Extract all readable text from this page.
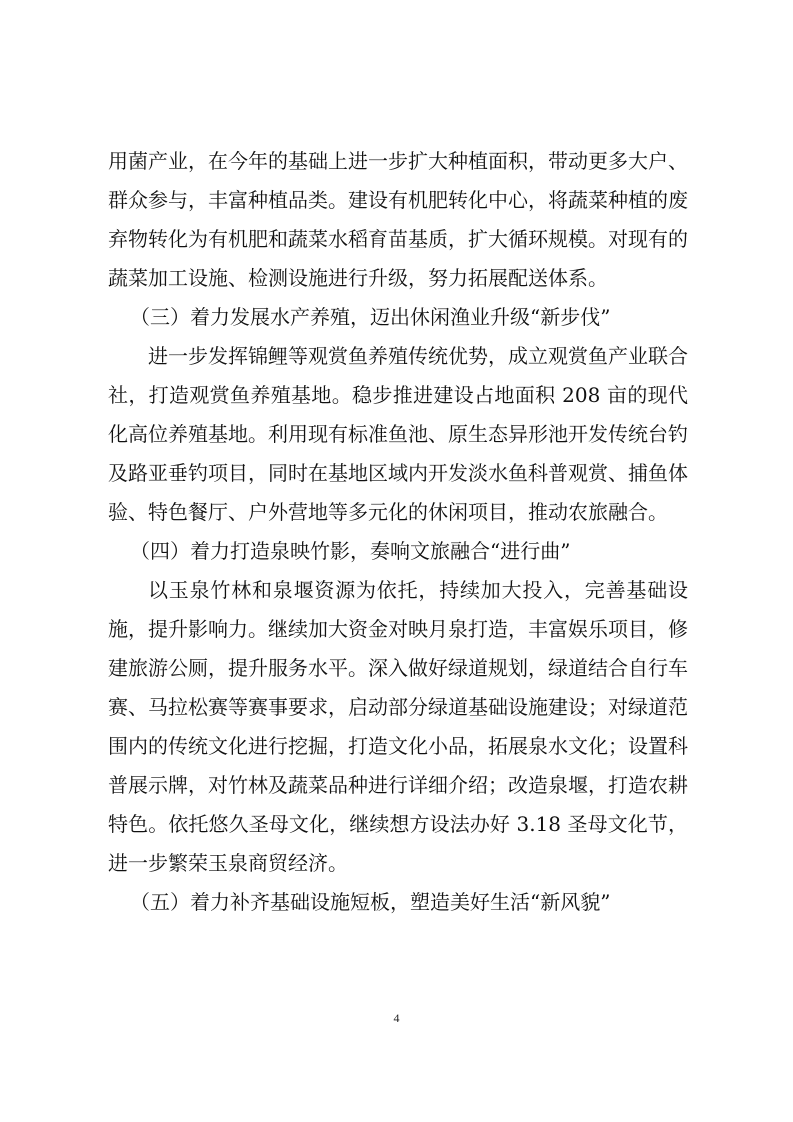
用菌产业，在今年的基础上进一步扩大种植面积，带动更多大户、群众参与，丰富种植品类。建设有机肥转化中心，将蔬菜种植的废弃物转化为有机肥和蔬菜水稻育苗基质，扩大循环规模。对现有的蔬菜加工设施、检测设施进行升级，努力拓展配送体系。

（三）着力发展水产养殖，迈出休闲渔业升级“新步伐”

进一步发挥锦鲤等观赏鱼养殖传统优势，成立观赏鱼产业联合社，打造观赏鱼养殖基地。稳步推进建设占地面积 208 亩的现代化高位养殖基地。利用现有标准鱼池、原生态异形池开发传统台钓及路亚垂钓项目，同时在基地区域内开发淡水鱼科普观赏、捕鱼体验、特色餐厅、户外营地等多元化的休闲项目，推动农旅融合。

（四）着力打造泉映竹影，奏响文旅融合“进行曲”

以玉泉竹林和泉堰资源为依托，持续加大投入，完善基础设施，提升影响力。继续加大资金对映月泉打造，丰富娱乐项目，修建旅游公厕，提升服务水平。深入做好绿道规划，绿道结合自行车赛、马拉松赛等赛事要求，启动部分绿道基础设施建设；对绿道范围内的传统文化进行挖掘，打造文化小品，拓展泉水文化；设置科普展示牌，对竹林及蔬菜品种进行详细介绍；改造泉堰，打造农耕特色。依托悠久圣母文化，继续想方设法办好 3.18 圣母文化节，进一步繁荣玉泉商贸经济。

（五）着力补齐基础设施短板，塑造美好生活“新风貌”

4
